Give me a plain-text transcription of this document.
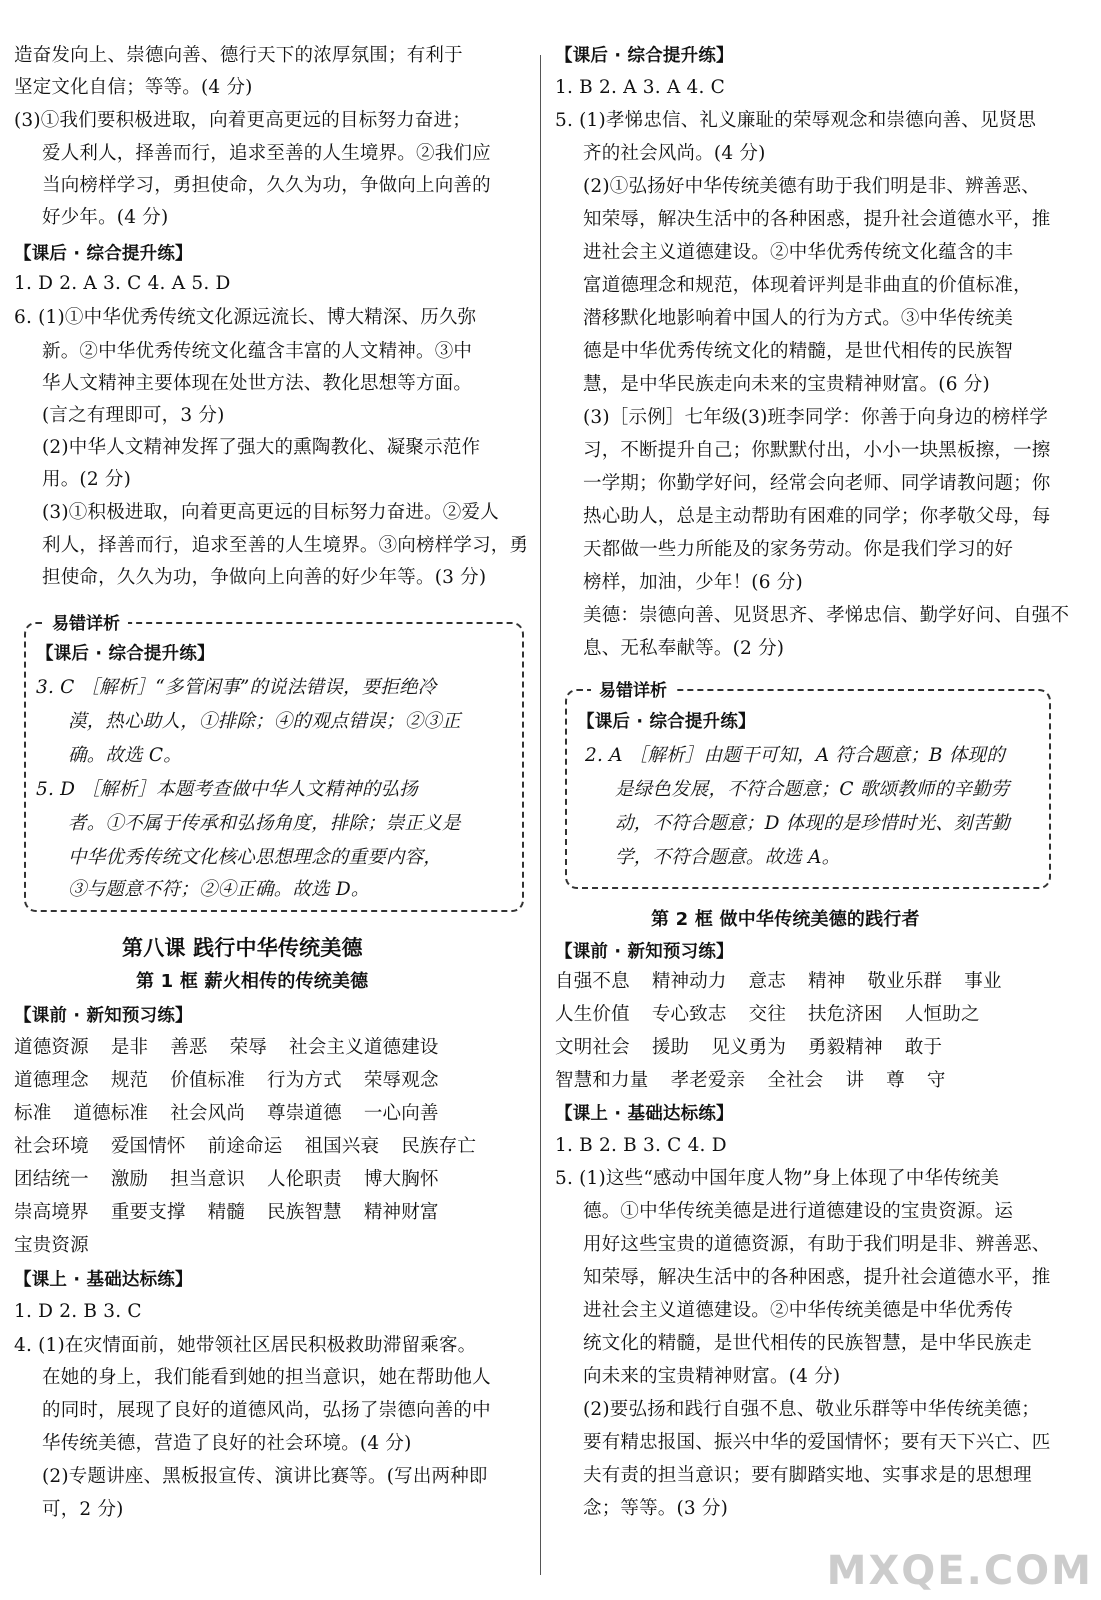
造奋发向上、崇德向善、德行天下的浓厚氛围；有利于
坚定文化自信；等等。(4 分)
(3)①我们要积极进取，向着更高更远的目标努力奋进；
爱人利人，择善而行，追求至善的人生境界。②我们应
当向榜样学习，勇担使命，久久为功，争做向上向善的
好少年。(4 分)
【课后 · 综合提升练】
1. D 2. A 3. C 4. A 5. D
6. (1)①中华优秀传统文化源远流长、博大精深、历久弥
新。②中华优秀传统文化蕴含丰富的人文精神。③中
华人文精神主要体现在处世方法、教化思想等方面。
(言之有理即可，3 分)
(2)中华人文精神发挥了强大的熏陶教化、凝聚示范作
用。(2 分)
(3)①积极进取，向着更高更远的目标努力奋进。②爱人
利人，择善而行，追求至善的人生境界。③向榜样学习，勇
担使命，久久为功，争做向上向善的好少年等。(3 分)
易错详析
【课后 · 综合提升练】
3. C ［解析］“多管闲事”的说法错误，要拒绝冷
漠，热心助人，①排除；④的观点错误；②③正
确。故选 C。
5. D ［解析］本题考查做中华人文精神的弘扬
者。①不属于传承和弘扬角度，排除；崇正义是
中华优秀传统文化核心思想理念的重要内容，
③与题意不符；②④正确。故选 D。
第八课 践行中华传统美德
第 1 框 薪火相传的传统美德
【课前 · 新知预习练】
道德资源 是非 善恶 荣辱 社会主义道德建设
道德理念 规范 价值标准 行为方式 荣辱观念
标准 道德标准 社会风尚 尊崇道德 一心向善
社会环境 爱国情怀 前途命运 祖国兴衰 民族存亡
团结统一 激励 担当意识 人伦职责 博大胸怀
崇高境界 重要支撑 精髓 民族智慧 精神财富
宝贵资源
【课上 · 基础达标练】
1. D 2. B 3. C
4. (1)在灾情面前，她带领社区居民积极救助滞留乘客。
在她的身上，我们能看到她的担当意识，她在帮助他人
的同时，展现了良好的道德风尚，弘扬了崇德向善的中
华传统美德，营造了良好的社会环境。(4 分)
(2)专题讲座、黑板报宣传、演讲比赛等。(写出两种即
可，2 分)
【课后 · 综合提升练】
1. B 2. A 3. A 4. C
5. (1)孝悌忠信、礼义廉耻的荣辱观念和崇德向善、见贤思
齐的社会风尚。(4 分)
(2)①弘扬好中华传统美德有助于我们明是非、辨善恶、
知荣辱，解决生活中的各种困惑，提升社会道德水平，推
进社会主义道德建设。②中华优秀传统文化蕴含的丰
富道德理念和规范，体现着评判是非曲直的价值标准，
潜移默化地影响着中国人的行为方式。③中华传统美
德是中华优秀传统文化的精髓，是世代相传的民族智
慧，是中华民族走向未来的宝贵精神财富。(6 分)
(3)［示例］七年级(3)班李同学：你善于向身边的榜样学
习，不断提升自己；你默默付出，小小一块黑板擦，一擦
一学期；你勤学好问，经常会向老师、同学请教问题；你
热心助人，总是主动帮助有困难的同学；你孝敬父母，每
天都做一些力所能及的家务劳动。你是我们学习的好
榜样，加油，少年！(6 分)
美德：崇德向善、见贤思齐、孝悌忠信、勤学好问、自强不
息、无私奉献等。(2 分)
易错详析
【课后 · 综合提升练】
2. A ［解析］由题干可知，A 符合题意；B 体现的
是绿色发展，不符合题意；C 歌颂教师的辛勤劳
动，不符合题意；D 体现的是珍惜时光、刻苦勤
学，不符合题意。故选 A。
第 2 框 做中华传统美德的践行者
【课前 · 新知预习练】
自强不息 精神动力 意志 精神 敬业乐群 事业
人生价值 专心致志 交往 扶危济困 人恒助之
文明社会 援助 见义勇为 勇毅精神 敢于
智慧和力量 孝老爱亲 全社会 讲 尊 守
【课上 · 基础达标练】
1. B 2. B 3. C 4. D
5. (1)这些“感动中国年度人物”身上体现了中华传统美
德。①中华传统美德是进行道德建设的宝贵资源。运
用好这些宝贵的道德资源，有助于我们明是非、辨善恶、
知荣辱，解决生活中的各种困惑，提升社会道德水平，推
进社会主义道德建设。②中华传统美德是中华优秀传
统文化的精髓，是世代相传的民族智慧，是中华民族走
向未来的宝贵精神财富。(4 分)
(2)要弘扬和践行自强不息、敬业乐群等中华传统美德；
要有精忠报国、振兴中华的爱国情怀；要有天下兴亡、匹
夫有责的担当意识；要有脚踏实地、实事求是的思想理
念；等等。(3 分)
MXQE.COM
